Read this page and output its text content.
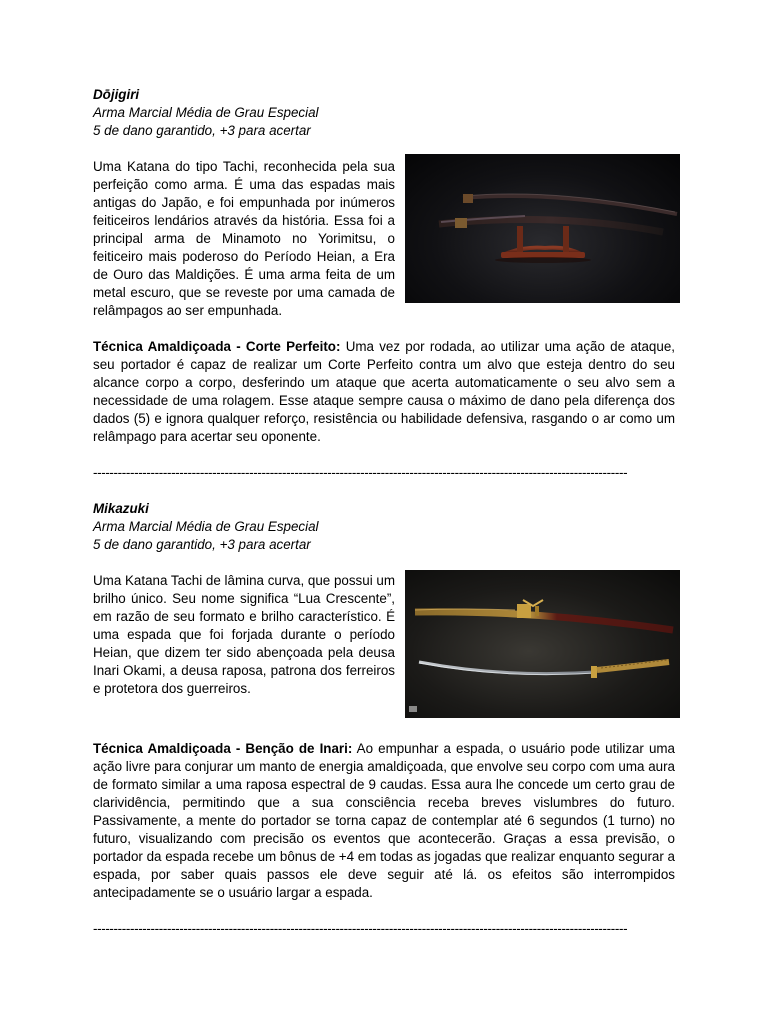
Dōjigiri

Arma Marcial Média de Grau Especial

5 de dano garantido, +3 para acertar

Uma Katana do tipo Tachi, reconhecida pela sua perfeição como arma. É uma das espadas mais antigas do Japão, e foi empunhada por inúmeros feiticeiros lendários através da história. Essa foi a principal arma de Minamoto no Yorimitsu, o feiticeiro mais poderoso do Período Heian, a Era de Ouro das Maldições. É uma arma feita de um metal escuro, que se reveste por uma camada de relâmpagos ao ser empunhada.

Técnica Amaldiçoada - Corte Perfeito: Uma vez por rodada, ao utilizar uma ação de ataque, seu portador é capaz de realizar um Corte Perfeito contra um alvo que esteja dentro do seu alcance corpo a corpo, desferindo um ataque que acerta automaticamente o seu alvo sem a necessidade de uma rolagem. Esse ataque sempre causa o máximo de dano pela diferença dos dados (5) e ignora qualquer reforço, resistência ou habilidade defensiva, rasgando o ar como um relâmpago para acertar seu oponente.

----------------------------------------------------------------------------------------------------------------------------------

Mikazuki

Arma Marcial Média de Grau Especial

5 de dano garantido, +3 para acertar

Uma Katana Tachi de lâmina curva, que possui um brilho único. Seu nome significa “Lua Crescente”, em razão de seu formato e brilho característico. É uma espada que foi forjada durante o período Heian, que dizem ter sido abençoada pela deusa Inari Okami, a deusa raposa, patrona dos ferreiros e protetora dos guerreiros.

Técnica Amaldiçoada - Benção de Inari: Ao empunhar a espada, o usuário pode utilizar uma ação livre para conjurar um manto de energia amaldiçoada, que envolve seu corpo com uma aura de formato similar a uma raposa espectral de 9 caudas. Essa aura lhe concede um certo grau de clarividência, permitindo que a sua consciência receba breves vislumbres do futuro. Passivamente, a mente do portador se torna capaz de contemplar até 6 segundos (1 turno) no futuro, visualizando com precisão os eventos que acontecerão. Graças a essa previsão, o portador da espada recebe um bônus de +4 em todas as jogadas que realizar enquanto segurar a espada, por saber quais passos ele deve seguir até lá. os efeitos são interrompidos antecipadamente se o usuário largar a espada.

----------------------------------------------------------------------------------------------------------------------------------
